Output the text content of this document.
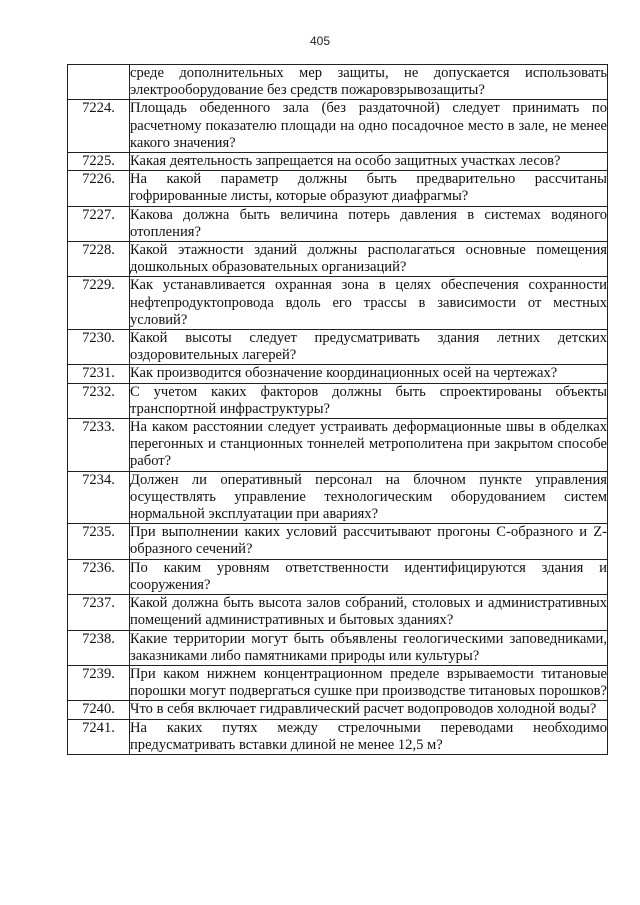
405
	среде дополнительных мер защиты, не допускается использовать электрооборудование без средств пожаровзрывозащиты?
7224.	Площадь обеденного зала (без раздаточной) следует принимать по расчетному показателю площади на одно посадочное место в зале, не менее какого значения?
7225.	Какая деятельность запрещается на особо защитных участках лесов?
7226.	На какой параметр должны быть предварительно рассчитаны гофрированные листы, которые образуют диафрагмы?
7227.	Какова должна быть величина потерь давления в системах водяного отопления?
7228.	Какой этажности зданий должны располагаться основные помещения дошкольных образовательных организаций?
7229.	Как устанавливается охранная зона в целях обеспечения сохранности нефтепродуктопровода вдоль его трассы в зависимости от местных условий?
7230.	Какой высоты следует предусматривать здания летних детских оздоровительных лагерей?
7231.	Как производится обозначение координационных осей на чертежах?
7232.	С учетом каких факторов должны быть спроектированы объекты транспортной инфраструктуры?
7233.	На каком расстоянии следует устраивать деформационные швы в обделках перегонных и станционных тоннелей метрополитена при закрытом способе работ?
7234.	Должен ли оперативный персонал на блочном пункте управления осуществлять управление технологическим оборудованием систем нормальной эксплуатации при авариях?
7235.	При выполнении каких условий рассчитывают прогоны С-образного и Z-образного сечений?
7236.	По каким уровням ответственности идентифицируются здания и сооружения?
7237.	Какой должна быть высота залов собраний, столовых и административных помещений административных и бытовых зданиях?
7238.	Какие территории могут быть объявлены геологическими заповедниками, заказниками либо памятниками природы или культуры?
7239.	При каком нижнем концентрационном пределе взрываемости титановые порошки могут подвергаться сушке при производстве титановых порошков?
7240.	Что в себя включает гидравлический расчет водопроводов холодной воды?
7241.	На каких путях между стрелочными переводами необходимо предусматривать вставки длиной не менее 12,5 м?
